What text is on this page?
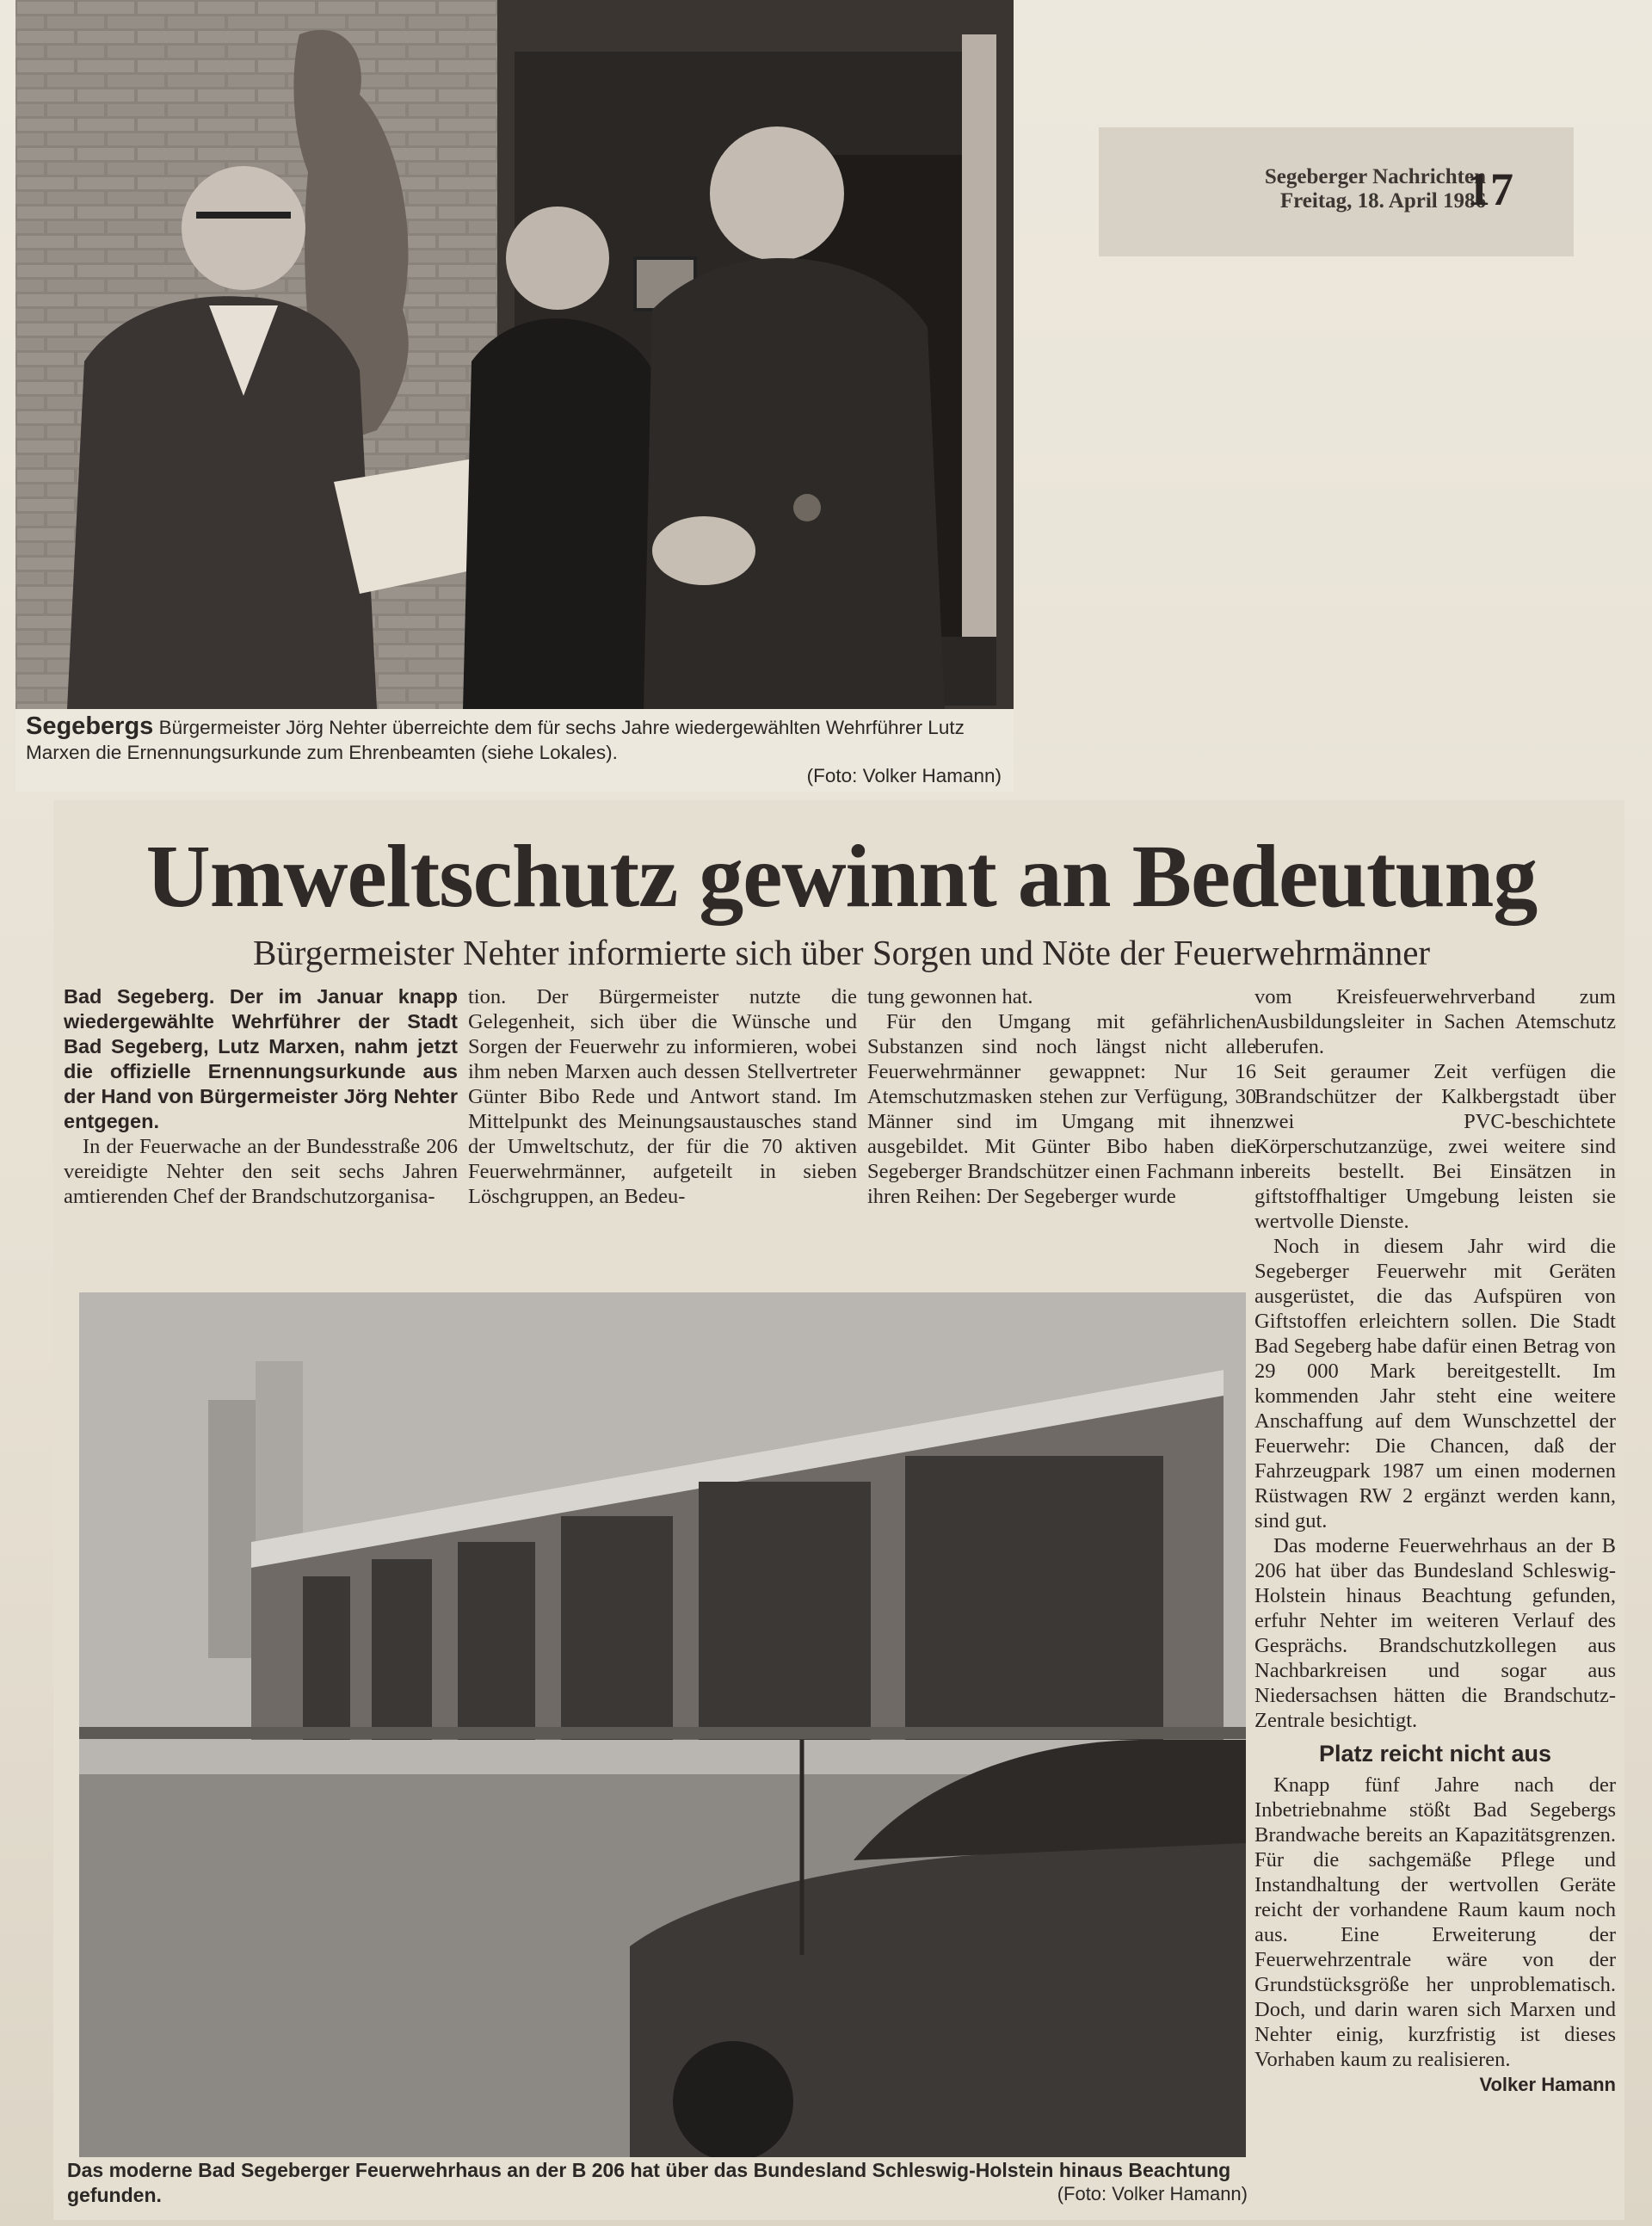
Segebergs Bürgermeister Jörg Nehter überreichte dem für sechs Jahre wiedergewählten Wehrführer Lutz Marxen die Ernennungsurkunde zum Ehrenbeamten (siehe Lokales).
(Foto: Volker Hamann)
Segeberger Nachrichten
Freitag, 18. April 1986
17
Umweltschutz gewinnt an Bedeutung
Bürgermeister Nehter informierte sich über Sorgen und Nöte der Feuerwehrmänner

Bad Segeberg. Der im Januar knapp wiedergewählte Wehrführer der Stadt Bad Segeberg, Lutz Marxen, nahm jetzt die offizielle Ernennungsurkunde aus der Hand von Bürgermeister Jörg Nehter entgegen.

In der Feuerwache an der Bundesstraße 206 vereidigte Nehter den seit sechs Jahren amtierenden Chef der Brandschutzorganisa-

tion. Der Bürgermeister nutzte die Gelegenheit, sich über die Wünsche und Sorgen der Feuerwehr zu informieren, wobei ihm neben Marxen auch dessen Stellvertreter Günter Bibo Rede und Antwort stand. Im Mittelpunkt des Meinungsaustausches stand der Umweltschutz, der für die 70 aktiven Feuerwehrmänner, aufgeteilt in sieben Löschgruppen, an Bedeu-

tung gewonnen hat.

Für den Umgang mit gefährlichen Substanzen sind noch längst nicht alle Feuerwehrmänner gewappnet: Nur 16 Atemschutzmasken stehen zur Verfügung, 30 Männer sind im Umgang mit ihnen ausgebildet. Mit Günter Bibo haben die Segeberger Brandschützer einen Fachmann in ihren Reihen: Der Segeberger wurde

vom Kreisfeuerwehrverband zum Ausbildungsleiter in Sachen Atemschutz berufen.

Seit geraumer Zeit verfügen die Brandschützer der Kalkbergstadt über zwei PVC-beschichtete Körperschutzanzüge, zwei weitere sind bereits bestellt. Bei Einsätzen in giftstoffhaltiger Umgebung leisten sie wertvolle Dienste.

Noch in diesem Jahr wird die Segeberger Feuerwehr mit Geräten ausgerüstet, die das Aufspüren von Giftstoffen erleichtern sollen. Die Stadt Bad Segeberg habe dafür einen Betrag von 29 000 Mark bereitgestellt. Im kommenden Jahr steht eine weitere Anschaffung auf dem Wunschzettel der Feuerwehr: Die Chancen, daß der Fahrzeugpark 1987 um einen modernen Rüstwagen RW 2 ergänzt werden kann, sind gut.

Das moderne Feuerwehrhaus an der B 206 hat über das Bundesland Schleswig-Holstein hinaus Beachtung gefunden, erfuhr Nehter im weiteren Verlauf des Gesprächs. Brandschutzkollegen aus Nachbarkreisen und sogar aus Niedersachsen hätten die Brandschutz-Zentrale besichtigt.

Platz reicht nicht aus

Knapp fünf Jahre nach der Inbetriebnahme stößt Bad Segebergs Brandwache bereits an Kapazitätsgrenzen. Für die sachgemäße Pflege und Instandhaltung der wertvollen Geräte reicht der vorhandene Raum kaum noch aus. Eine Erweiterung der Feuerwehrzentrale wäre von der Grundstücksgröße her unproblematisch. Doch, und darin waren sich Marxen und Nehter einig, kurzfristig ist dieses Vorhaben kaum zu realisieren.

Volker Hamann
Das moderne Bad Segeberger Feuerwehrhaus an der B 206 hat über das Bundesland Schleswig-Holstein hinaus Beachtung gefunden.	(Foto: Volker Hamann)
